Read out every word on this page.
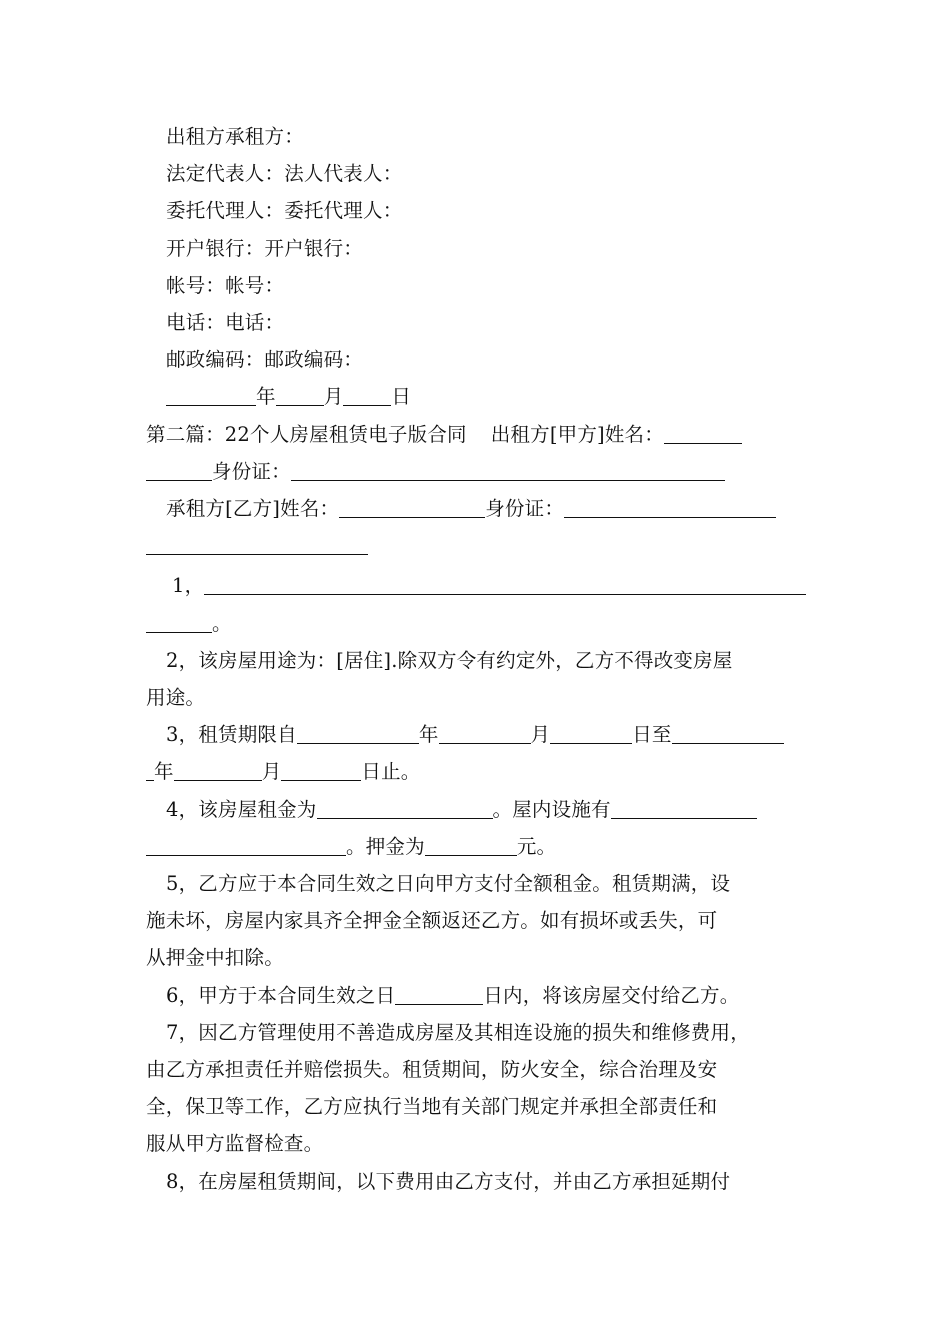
出租方承租方：
法定代表人：法人代表人：
委托代理人：委托代理人：
开户银行：开户银行：
帐号：帐号：
电话：电话：
邮政编码：邮政编码：
年 月 日
第二篇：22个人房屋租赁电子版合同 出租方[甲方]姓名：
身份证：
承租方[乙方]姓名：	身份证：
1，
。
2，该房屋用途为：[居住].除双方令有约定外，乙方不得改变房屋
用途。
3，租赁期限自	年	月	日至
年	月	日止。
4，该房屋租金为	。屋内设施有
。押金为	元。
5，乙方应于本合同生效之日向甲方支付全额租金。租赁期满，设
施未坏，房屋内家具齐全押金全额返还乙方。如有损坏或丢失，可
从押金中扣除。
6，甲方于本合同生效之日	日内，将该房屋交付给乙方。
7，因乙方管理使用不善造成房屋及其相连设施的损失和维修费用，
由乙方承担责任并赔偿损失。租赁期间，防火安全，综合治理及安
全，保卫等工作，乙方应执行当地有关部门规定并承担全部责任和
服从甲方监督检查。
8，在房屋租赁期间，以下费用由乙方支付，并由乙方承担延期付
